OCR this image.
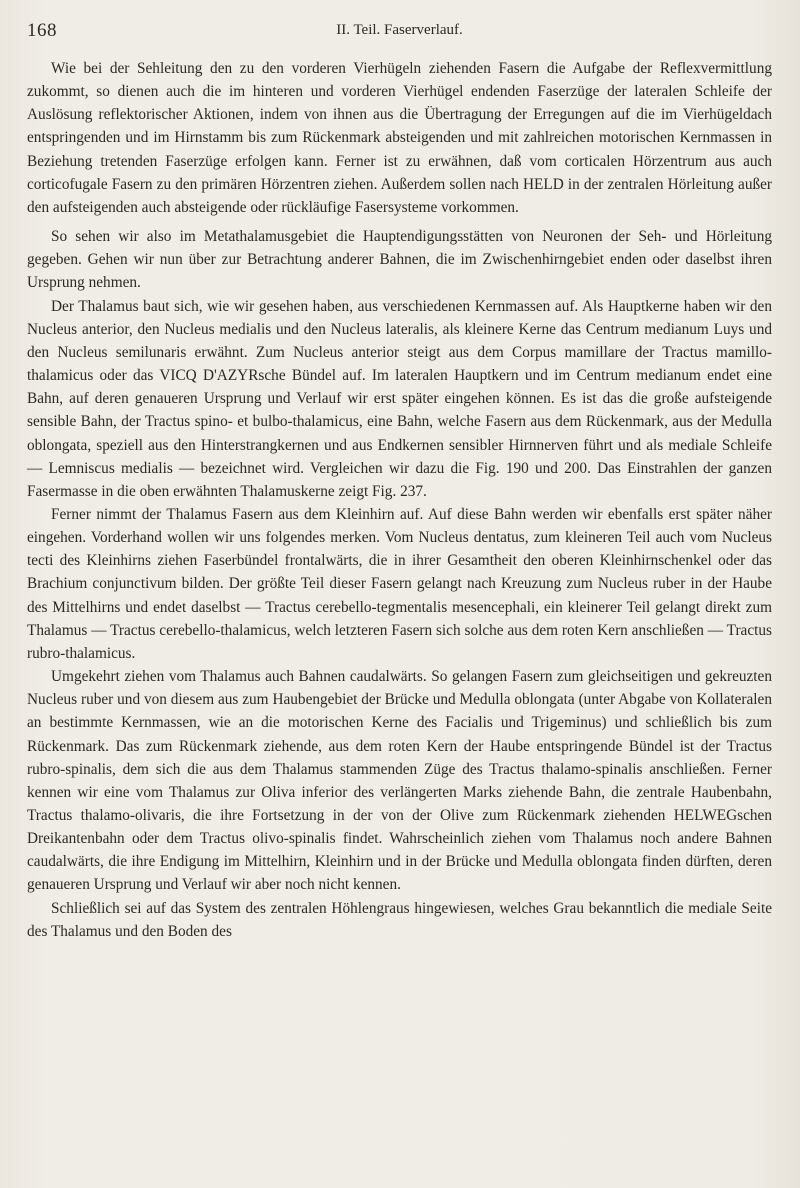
168	II. Teil. Faserverlauf.

Wie bei der Sehleitung den zu den vorderen Vierhügeln ziehenden Fasern die Aufgabe der Reflexvermittlung zukommt, so dienen auch die im hinteren und vorderen Vierhügel endenden Faserzüge der lateralen Schleife der Auslösung reflektorischer Aktionen, indem von ihnen aus die Übertragung der Erregungen auf die im Vierhügeldach entspringenden und im Hirnstamm bis zum Rückenmark absteigenden und mit zahlreichen motorischen Kernmassen in Beziehung tretenden Faserzüge erfolgen kann. Ferner ist zu erwähnen, daß vom corticalen Hörzentrum aus auch corticofugale Fasern zu den primären Hörzentren ziehen. Außerdem sollen nach HELD in der zentralen Hörleitung außer den aufsteigenden auch absteigende oder rückläufige Fasersysteme vorkommen.

So sehen wir also im Metathalamusgebiet die Hauptendigungsstätten von Neuronen der Seh- und Hörleitung gegeben. Gehen wir nun über zur Betrachtung anderer Bahnen, die im Zwischenhirngebiet enden oder daselbst ihren Ursprung nehmen.

Der Thalamus baut sich, wie wir gesehen haben, aus verschiedenen Kernmassen auf. Als Hauptkerne haben wir den Nucleus anterior, den Nucleus medialis und den Nucleus lateralis, als kleinere Kerne das Centrum medianum Luys und den Nucleus semilunaris erwähnt. Zum Nucleus anterior steigt aus dem Corpus mamillare der Tractus mamillo-thalamicus oder das VICQ D'AZYRsche Bündel auf. Im lateralen Hauptkern und im Centrum medianum endet eine Bahn, auf deren genaueren Ursprung und Verlauf wir erst später eingehen können. Es ist das die große aufsteigende sensible Bahn, der Tractus spino- et bulbo-thalamicus, eine Bahn, welche Fasern aus dem Rückenmark, aus der Medulla oblongata, speziell aus den Hinterstrangkernen und aus Endkernen sensibler Hirnnerven führt und als mediale Schleife — Lemniscus medialis — bezeichnet wird. Vergleichen wir dazu die Fig. 190 und 200. Das Einstrahlen der ganzen Fasermasse in die oben erwähnten Thalamuskerne zeigt Fig. 237.

Ferner nimmt der Thalamus Fasern aus dem Kleinhirn auf. Auf diese Bahn werden wir ebenfalls erst später näher eingehen. Vorderhand wollen wir uns folgendes merken. Vom Nucleus dentatus, zum kleineren Teil auch vom Nucleus tecti des Kleinhirns ziehen Faserbündel frontalwärts, die in ihrer Gesamtheit den oberen Kleinhirnschenkel oder das Brachium conjunctivum bilden. Der größte Teil dieser Fasern gelangt nach Kreuzung zum Nucleus ruber in der Haube des Mittelhirns und endet daselbst — Tractus cerebello-tegmentalis mesencephali, ein kleinerer Teil gelangt direkt zum Thalamus — Tractus cerebello-thalamicus, welch letzteren Fasern sich solche aus dem roten Kern anschließen — Tractus rubro-thalamicus.

Umgekehrt ziehen vom Thalamus auch Bahnen caudalwärts. So gelangen Fasern zum gleichseitigen und gekreuzten Nucleus ruber und von diesem aus zum Haubengebiet der Brücke und Medulla oblongata (unter Abgabe von Kollateralen an bestimmte Kernmassen, wie an die motorischen Kerne des Facialis und Trigeminus) und schließlich bis zum Rückenmark. Das zum Rückenmark ziehende, aus dem roten Kern der Haube entspringende Bündel ist der Tractus rubro-spinalis, dem sich die aus dem Thalamus stammenden Züge des Tractus thalamo-spinalis anschließen. Ferner kennen wir eine vom Thalamus zur Oliva inferior des verlängerten Marks ziehende Bahn, die zentrale Haubenbahn, Tractus thalamo-olivaris, die ihre Fortsetzung in der von der Olive zum Rückenmark ziehenden HELWEGschen Dreikantenbahn oder dem Tractus olivo-spinalis findet. Wahrscheinlich ziehen vom Thalamus noch andere Bahnen caudalwärts, die ihre Endigung im Mittelhirn, Kleinhirn und in der Brücke und Medulla oblongata finden dürften, deren genaueren Ursprung und Verlauf wir aber noch nicht kennen.

Schließlich sei auf das System des zentralen Höhlengraus hingewiesen, welches Grau bekanntlich die mediale Seite des Thalamus und den Boden des
